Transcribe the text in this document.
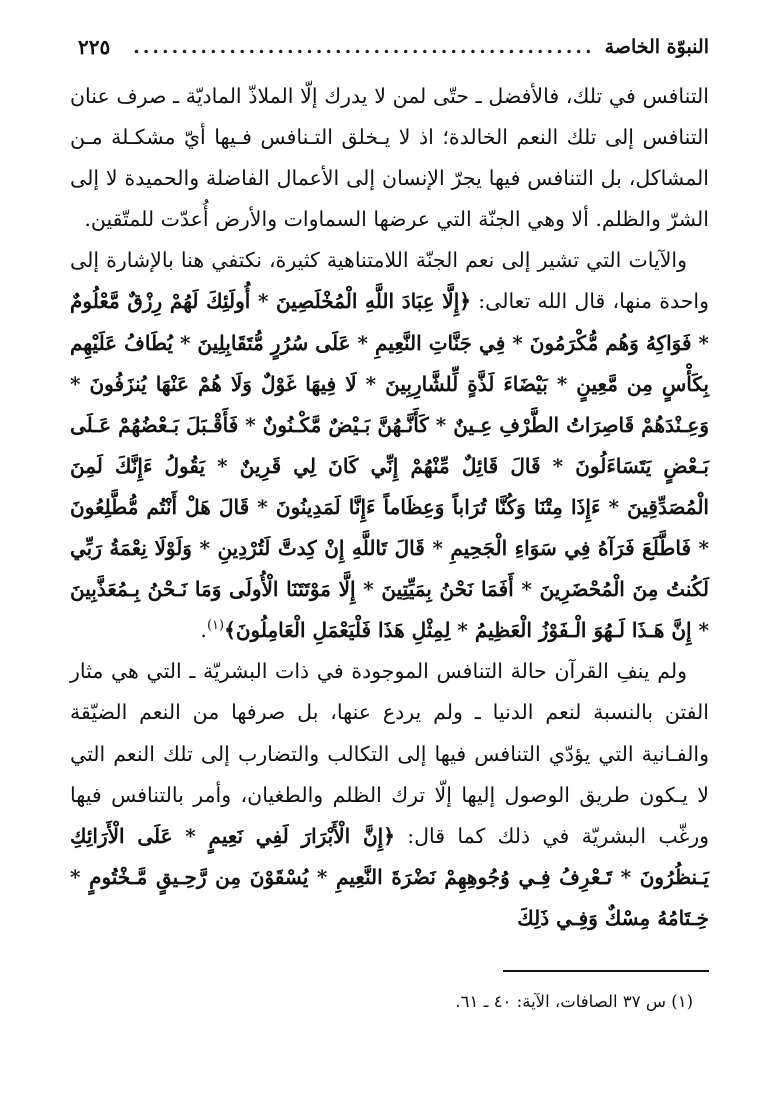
النبوّة الخاصة
................................................
٢٢٥

التنافس في تلك، فالأفضل ـ حتّى لمن لا يدرك إلّا الملاذّ الماديّة ـ صرف عنان التنافس إلى تلك النعم الخالدة؛ اذ لا يـخلق التـنافس فـيها أيّ مشكـلة مـن المشاكل، بل التنافس فيها يجرّ الإنسان إلى الأعمال الفاضلة والحميدة لا إلى الشرّ والظلم. ألا وهي الجنّة التي عرضها السماوات والأرض أُعدّت للمتّقين.

والآيات التي تشير إلى نعم الجنّة اللامتناهية كثيرة، نكتفي هنا بالإشارة إلى واحدة منها، قال الله تعالى: ﴿إِلَّا عِبَادَ اللَّهِ الْمُخْلَصِينَ * أُولَئِكَ لَهُمْ رِزْقٌ مَّعْلُومٌ * فَوَاكِهُ وَهُم مُّكْرَمُونَ * فِي جَنَّاتِ النَّعِيمِ * عَلَى سُرُرٍ مُّتَقَابِلِينَ * يُطَافُ عَلَيْهِم بِكَأْسٍ مِن مَّعِينٍ * بَيْضَاءَ لَذَّةٍ لِّلشَّارِبِينَ * لَا فِيهَا غَوْلٌ وَلَا هُمْ عَنْهَا يُنزَفُونَ * وَعِـنْدَهُمْ قَاصِرَاتُ الطَّرْفِ عِـينٌ * كَأَنَّـهُنَّ بَـيْضٌ مَّكْـنُونٌ * فَأَقْـبَلَ بَـعْضُهُمْ عَـلَى بَـعْضٍ يَتَسَاءَلُونَ * قَالَ قَائِلٌ مِّنْهُمْ إِنِّي كَانَ لِي قَرِينٌ * يَقُولُ ءَإِنَّكَ لَمِنَ الْمُصَدِّقِينَ * ءَإِذَا مِتْنَا وَكُنَّا تُرَاباً وَعِظَاماً ءَإِنَّا لَمَدِينُونَ * قَالَ هَلْ أَنْتُم مُّطَّلِعُونَ * فَاطَّلَعَ فَرَآهُ فِي سَوَاءِ الْجَحِيمِ * قَالَ تَاللَّهِ إِنْ كِدتَّ لَتُرْدِينِ * وَلَوْلَا نِعْمَةُ رَبِّي لَكُنتُ مِنَ الْمُحْضَرِينَ * أَفَمَا نَحْنُ بِمَيِّتِينَ * إِلَّا مَوْتَتَنَا الْأُولَى وَمَا نَـحْنُ بِـمُعَذَّبِينَ * إِنَّ هَـذَا لَـهُوَ الْـفَوْزُ الْعَظِيمُ * لِمِثْلِ هَذَا فَلْيَعْمَلِ الْعَامِلُونَ﴾$^{(١)}$.

ولم ينفِ القرآن حالة التنافس الموجودة في ذات البشريّة ـ التي هي مثار الفتن بالنسبة لنعم الدنيا ـ ولم يردع عنها، بل صرفها من النعم الضيّقة والفـانية التي يؤدّي التنافس فيها إلى التكالب والتضارب إلى تلك النعم التي لا يـكون طريق الوصول إليها إلّا ترك الظلم والطغيان، وأمر بالتنافس فيها ورغّب البشريّة في ذلك كما قال: ﴿إِنَّ الْأَبْرَارَ لَفِي نَعِيمٍ * عَلَى الْأَرَائِكِ يَـنظُرُونَ * تَـعْرِفُ فِـي وُجُوهِهِمْ نَضْرَةَ النَّعِيمِ * يُسْقَوْنَ مِن رَّحِـيقٍ مَّـخْتُومٍ * خِـتَامُهُ مِسْكٌ وَفِـي ذَلِكَ

(١) س ٣٧ الصافات، الآية: ٤٠ ـ ٦١.
